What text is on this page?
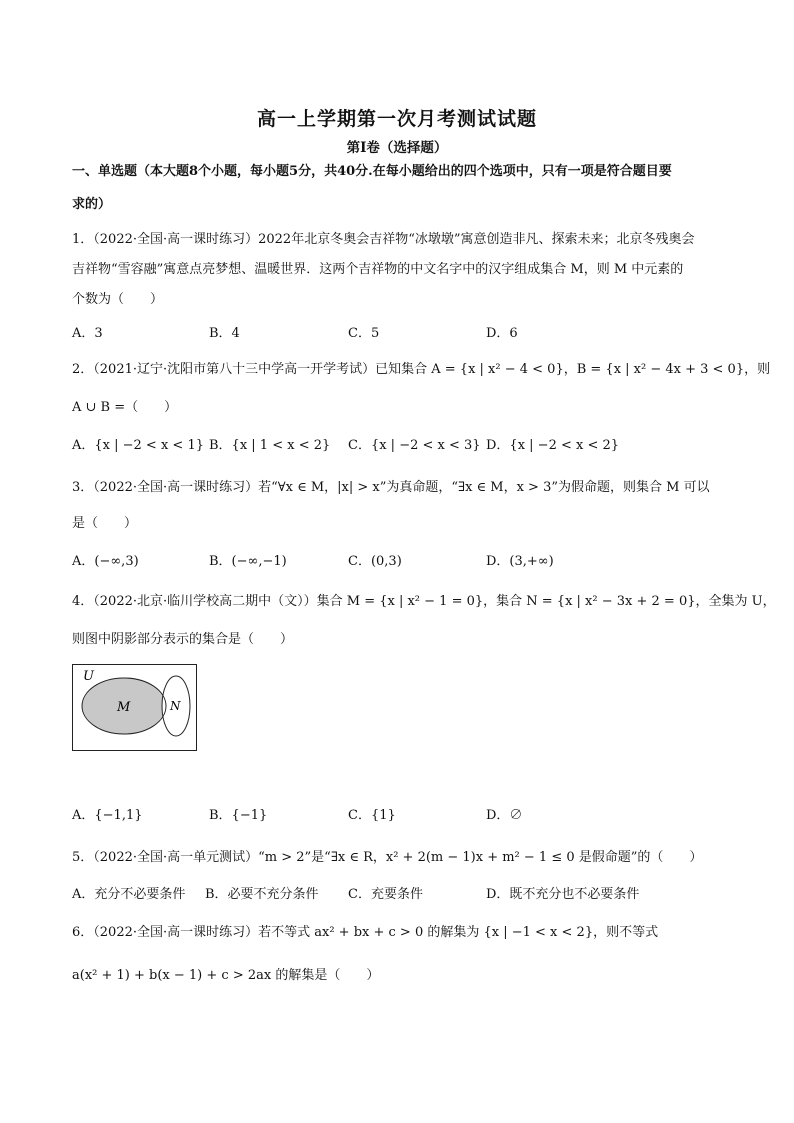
高一上学期第一次月考测试试题
第Ⅰ卷（选择题）
一、单选题（本大题8个小题，每小题5分，共40分.在每小题给出的四个选项中，只有一项是符合题目要
求的）
1．（2022·全国·高一课时练习）2022年北京冬奥会吉祥物“冰墩墩”寓意创造非凡、探索未来；北京冬残奥会
吉祥物“雪容融”寓意点亮梦想、温暖世界．这两个吉祥物的中文名字中的汉字组成集合 M，则 M 中元素的
个数为（　　）
A．3	B．4	C．5	D．6
2．（2021·辽宁·沈阳市第八十三中学高一开学考试）已知集合 A = {x | x² − 4 < 0}，B = {x | x² − 4x + 3 < 0}，则
A ∪ B =（　　）
A．{x | −2 < x < 1} B．{x | 1 < x < 2} C．{x | −2 < x < 3} D．{x | −2 < x < 2}
3．（2022·全国·高一课时练习）若“∀x ∈ M，|x| > x”为真命题，“∃x ∈ M，x > 3”为假命题，则集合 M 可以
是（　　）
A．(−∞,3)	B．(−∞,−1)	C．(0,3)	D．(3,+∞)
4．（2022·北京·临川学校高二期中（文））集合 M = {x | x² − 1 = 0}，集合 N = {x | x² − 3x + 2 = 0}，全集为 U，
则图中阴影部分表示的集合是（　　）
U
M	N
A．{−1,1}	B．{−1}	C．{1}	D．∅
5．（2022·全国·高一单元测试）“m > 2”是“∃x ∈ R，x² + 2(m − 1)x + m² − 1 ≤ 0 是假命题”的（　　）
A．充分不必要条件 B．必要不充分条件 C．充要条件	D．既不充分也不必要条件
6．（2022·全国·高一课时练习）若不等式 ax² + bx + c > 0 的解集为 {x | −1 < x < 2}，则不等式
a(x² + 1) + b(x − 1) + c > 2ax 的解集是（　　）
